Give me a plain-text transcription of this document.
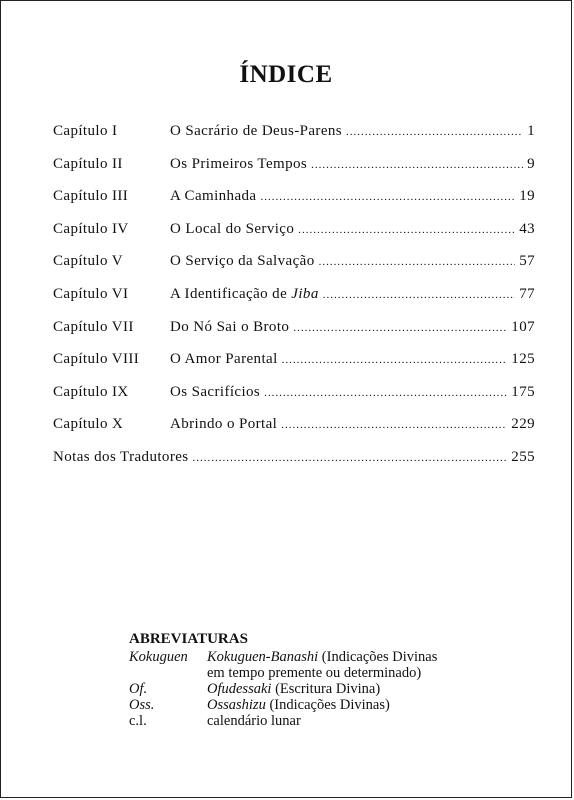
ÍNDICE
Capítulo I	O Sacrário de Deus-Parens .....	1
Capítulo II	Os Primeiros Tempos .....	9
Capítulo III	A Caminhada .....	19
Capítulo IV	O Local do Serviço .....	43
Capítulo V	O Serviço da Salvação .....	57
Capítulo VI	A Identificação de Jiba .....	77
Capítulo VII	Do Nó Sai o Broto .....	107
Capítulo VIII	O Amor Parental .....	125
Capítulo IX	Os Sacrifícios .....	175
Capítulo X	Abrindo o Portal .....	229
Notas dos Tradutores .....	255
ABREVIATURAS
Kokuguen	Kokuguen-Banashi (Indicações Divinas
em tempo premente ou determinado)
Of.	Ofudessaki (Escritura Divina)
Oss.	Ossashizu (Indicações Divinas)
c.l.	calendário lunar
